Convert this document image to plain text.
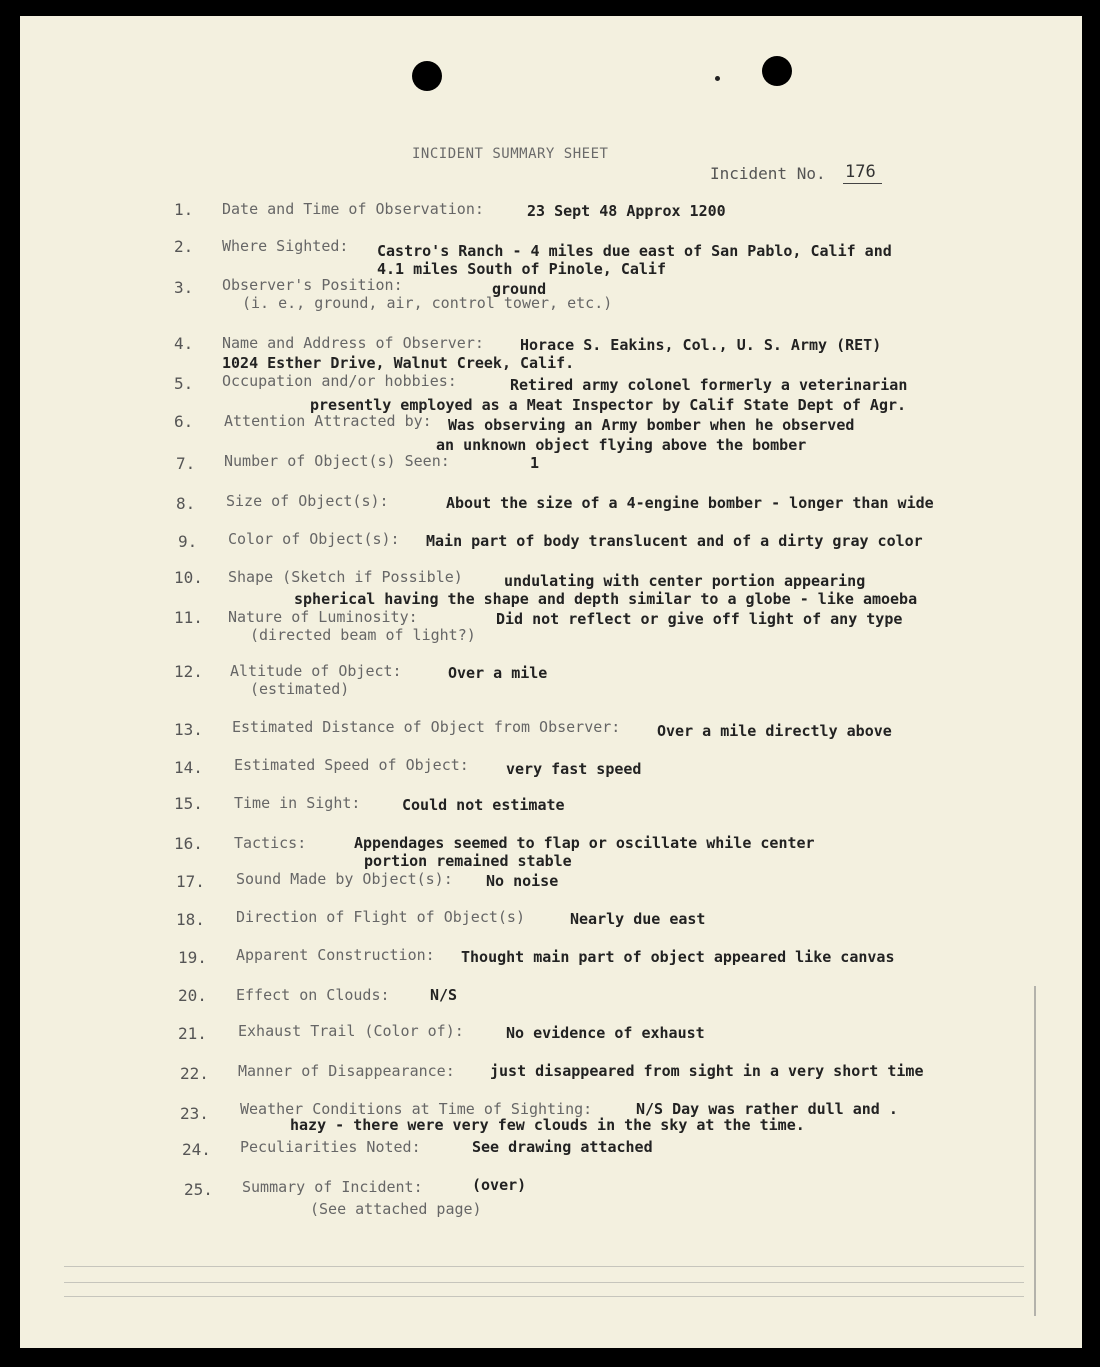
INCIDENT SUMMARY SHEET
Incident No. 176
1. Date and Time of Observation:	23 Sept 48 Approx 1200
2. Where Sighted: Castro's Ranch - 4 miles due east of San Pablo, Calif and
4.1 miles South of Pinole, Calif
3. Observer's Position:
(i. e., ground, air, control tower, etc.)
ground
4. Name and Address of Observer: Horace S. Eakins, Col., U. S. Army (RET)
1024 Esther Drive, Walnut Creek, Calif.
5. Occupation and/or hobbies:	Retired army colonel formerly a veterinarian
presently employed as a Meat Inspector by Calif State Dept of Agr.
6. Attention Attracted by: Was observing an Army bomber when he observed
an unknown object flying above the bomber
7. Number of Object(s) Seen:	1
8. Size of Object(s):	About the size of a 4-engine bomber - longer than wide
9. Color of Object(s): Main part of body translucent and of a dirty gray color
10. Shape (Sketch if Possible)	undulating with center portion appearing
spherical having the shape and depth similar to a globe - like amoeba
11. Nature of Luminosity:
(directed beam of light?)
Did not reflect or give off light of any type
12. Altitude of Object:
(estimated)
Over a mile
13. Estimated Distance of Object from Observer: Over a mile directly above
14. Estimated Speed of Object: very fast speed
15. Time in Sight:	Could not estimate
16. Tactics:	Appendages seemed to flap or oscillate while center
portion remained stable
17. Sound Made by Object(s): No noise
18. Direction of Flight of Object(s)	Nearly due east
19. Apparent Construction: Thought main part of object appeared like canvas
20. Effect on Clouds:	N/S
21. Exhaust Trail (Color of):	No evidence of exhaust
22. Manner of Disappearance: just disappeared from sight in a very short time
23. Weather Conditions at Time of Sighting:	N/S Day was rather dull and .
hazy - there were very few clouds in the sky at the time.
24. Peculiarities Noted:	See drawing attached
25. Summary of Incident:
(See attached page)
(over)
